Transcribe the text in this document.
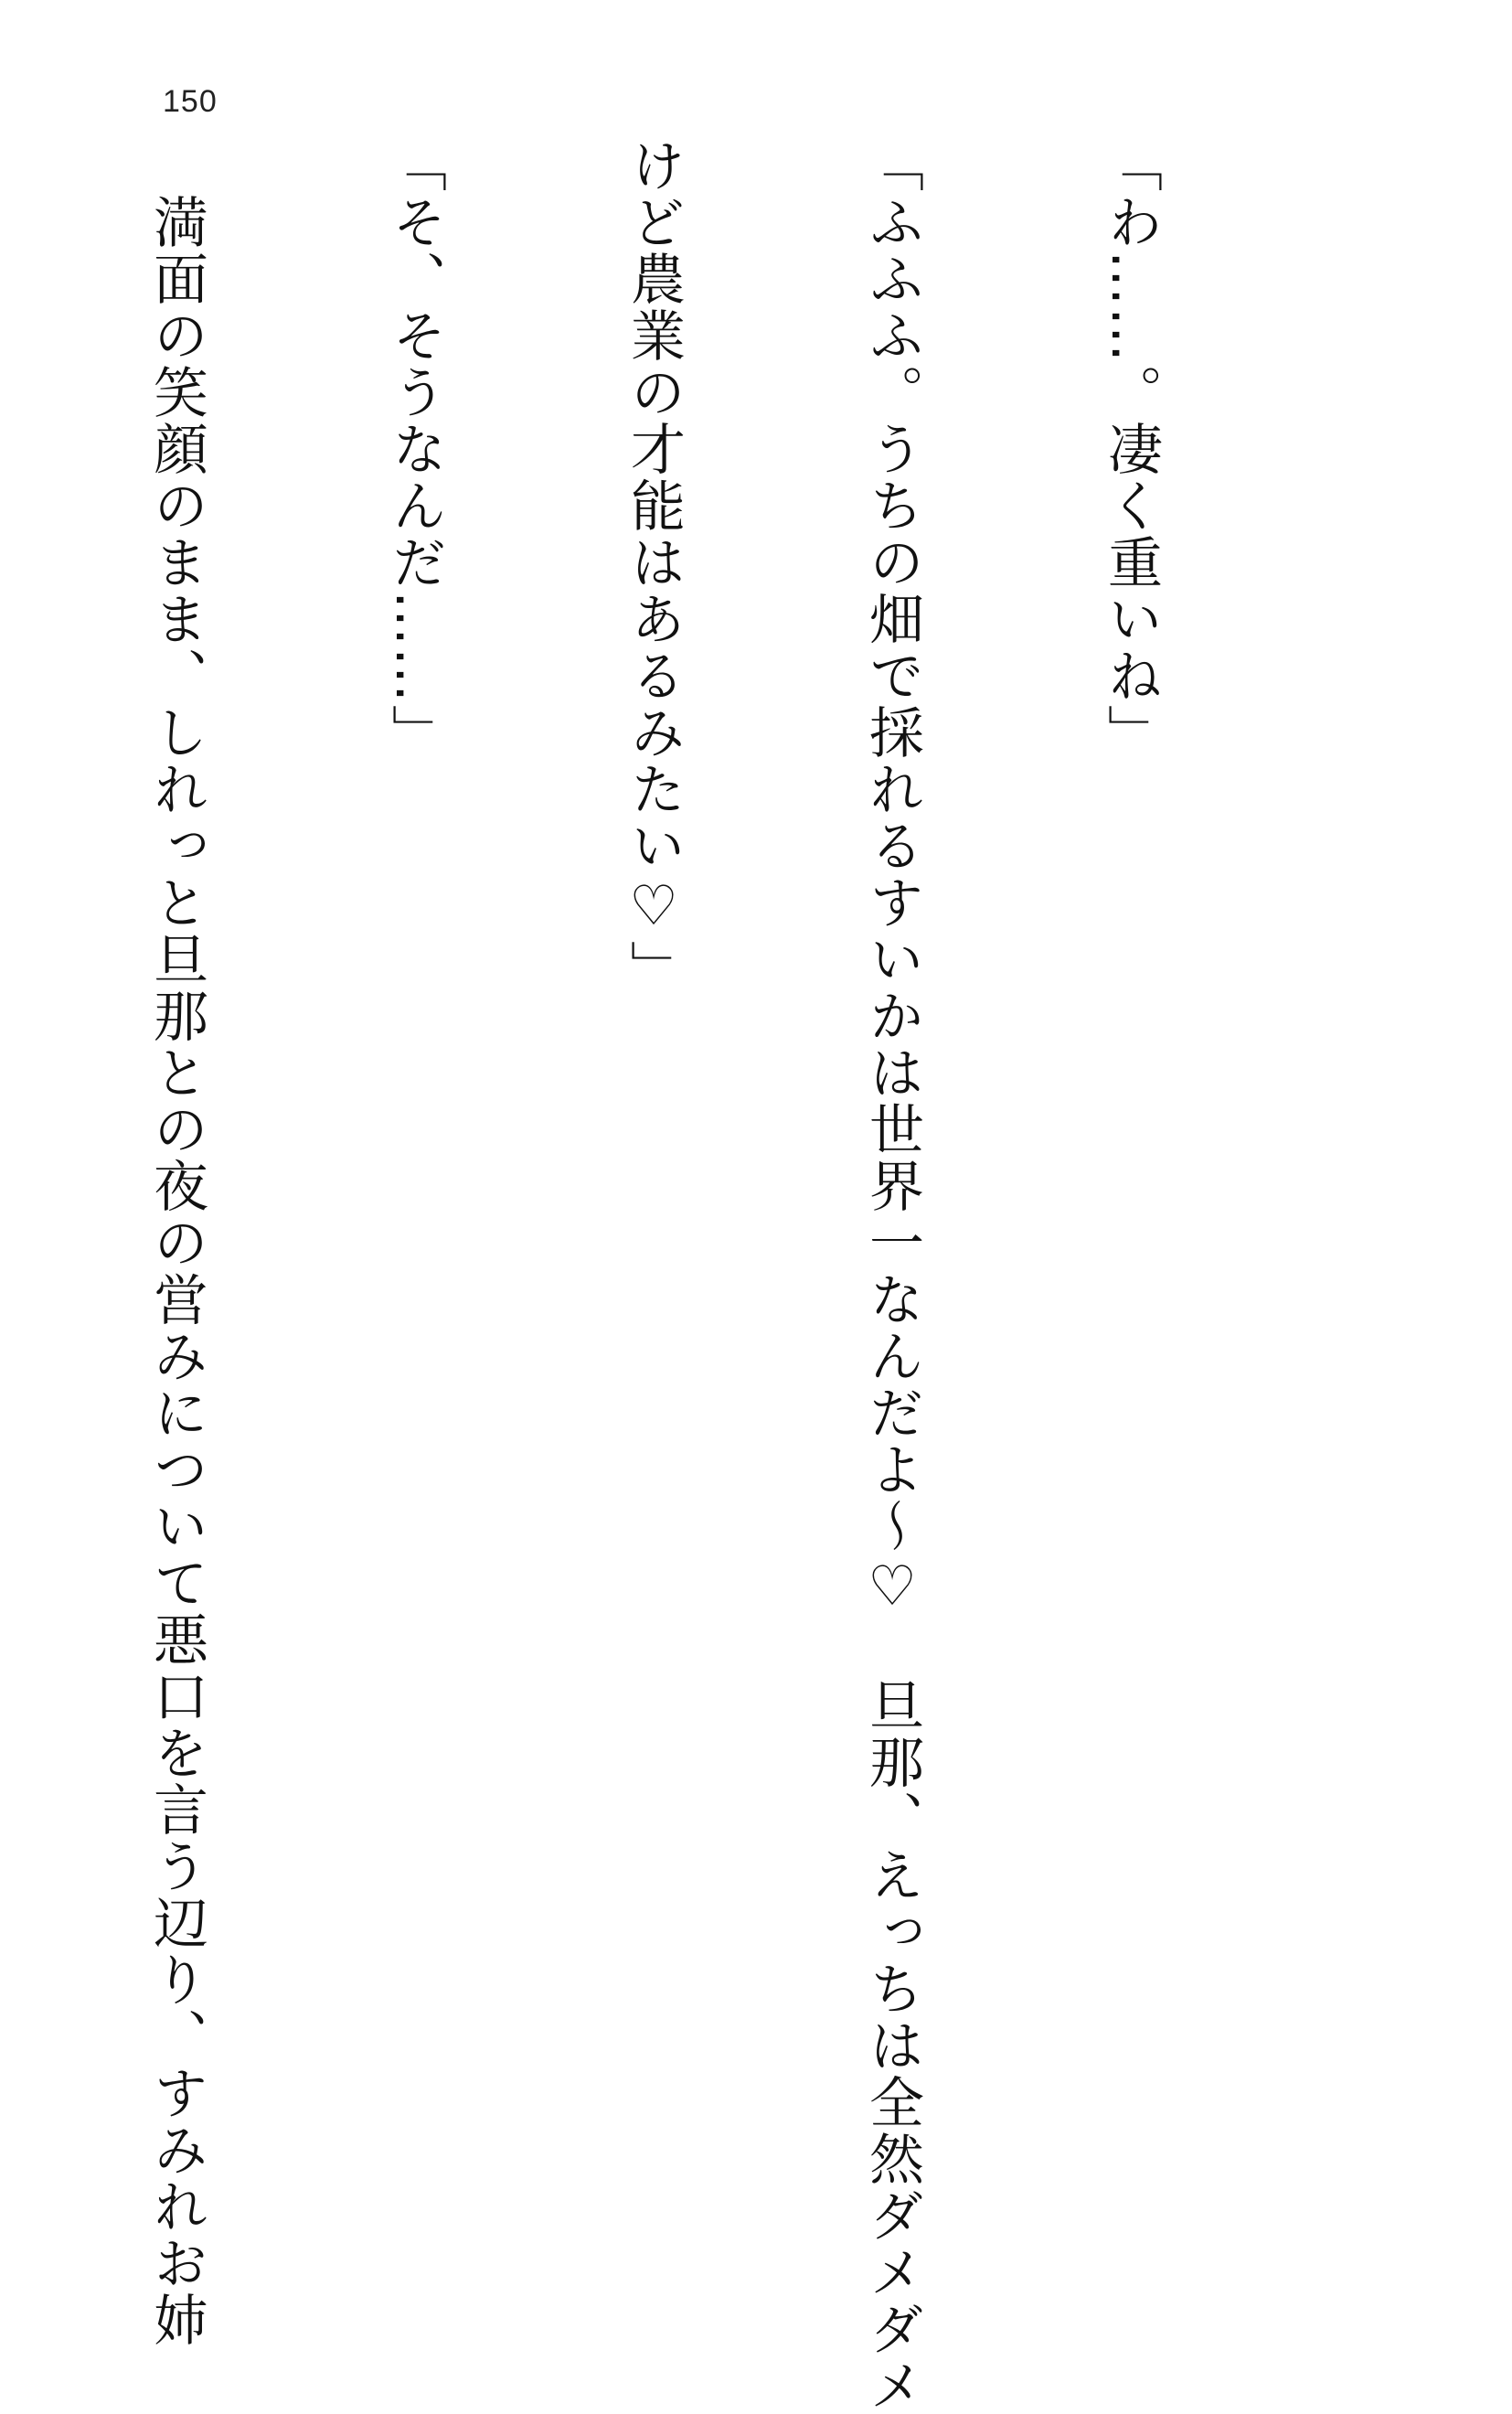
150

「わ……。凄く重いね」

「ふふふ。うちの畑で採れるすいかは世界一なんだよ〜♡　旦那、えっちは全然ダメダメ

けど農業の才能はあるみたい♡」

「そ、そうなんだ……」

　満面の笑顔のまま、しれっと旦那との夜の営みについて悪口を言う辺り、すみれお姉
